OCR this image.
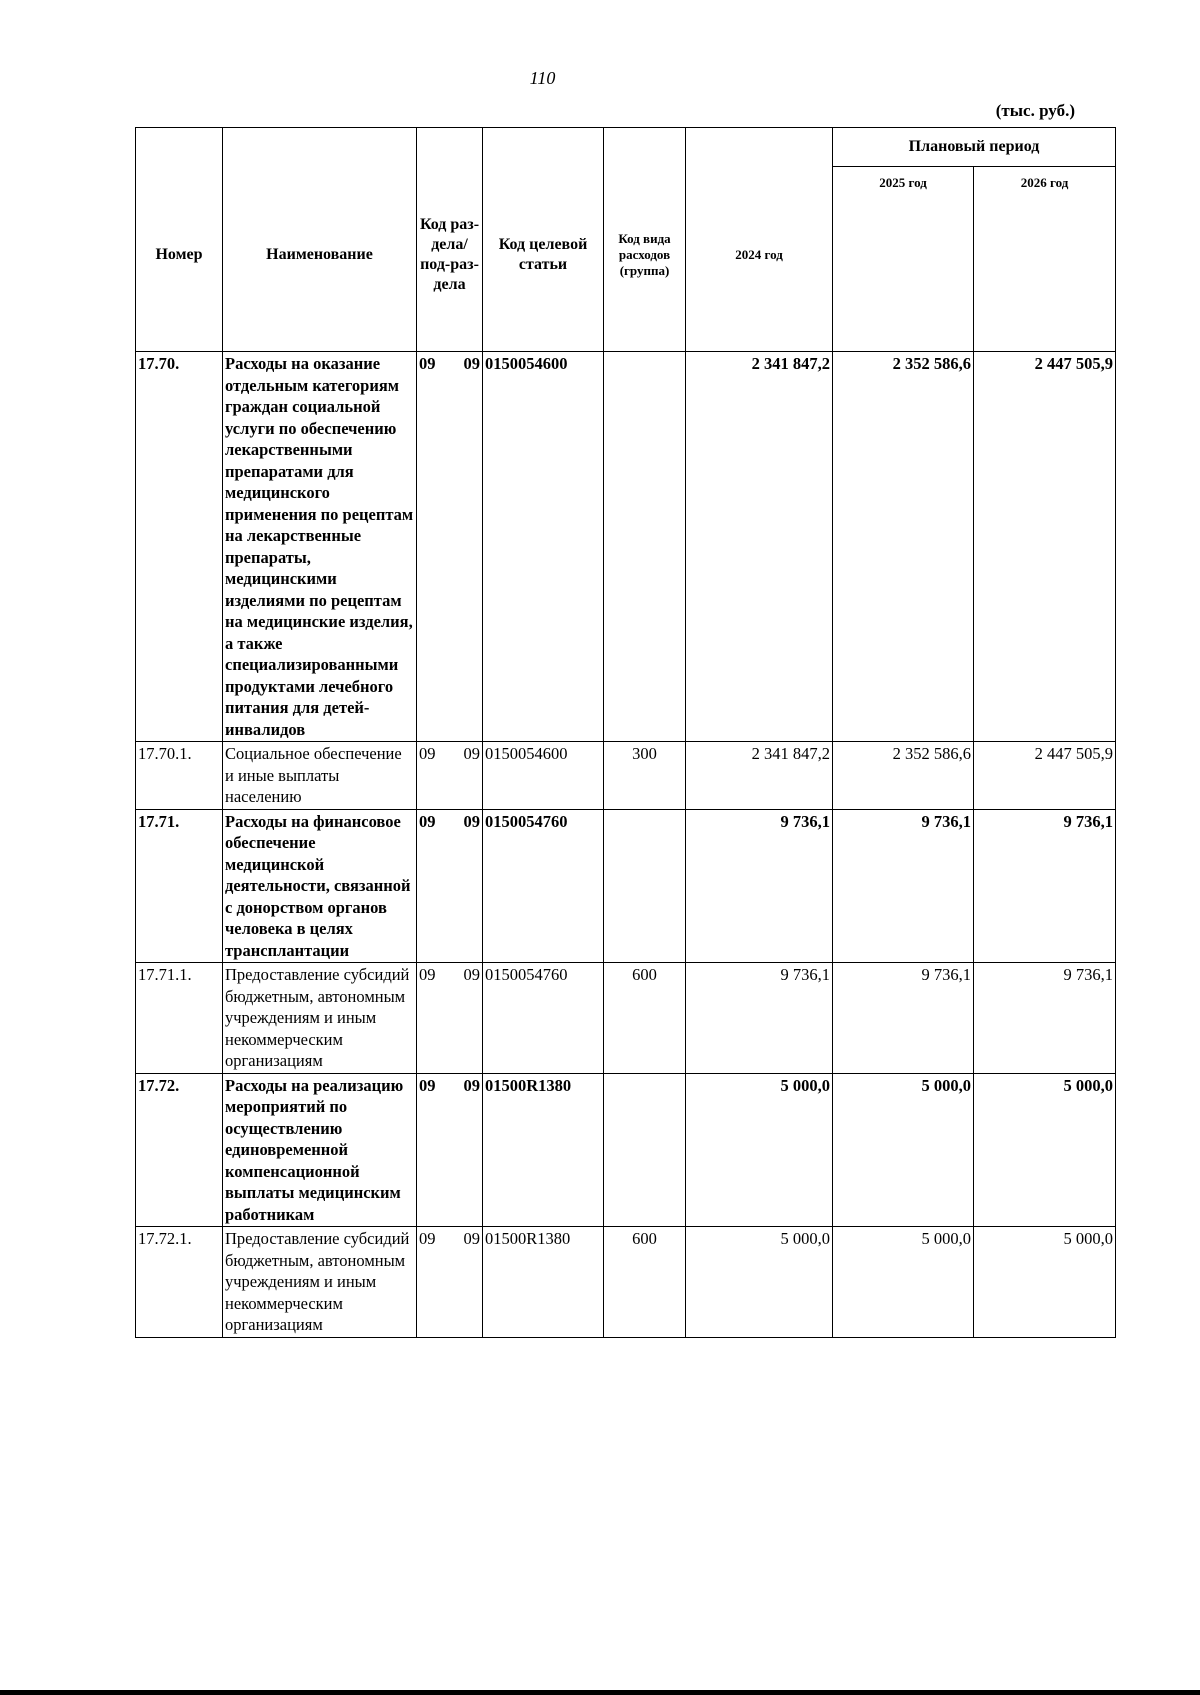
110
(тыс. руб.)
Номер	Наименование	Код раз-дела/ под-раз-дела	Код целевой статьи	Код вида расходов (группа)	2024 год	Плановый период	
						2025 год	2026 год
17.70.	Расходы на оказание отдельным категориям граждан социальной услуги по обеспечению лекарственными препаратами для медицинского применения по рецептам на лекарственные препараты, медицинскими изделиями по рецептам на медицинские изделия, а также специализированными продуктами лечебного питания для детей-инвалидов	09 09	0150054600		2 341 847,2	2 352 586,6	2 447 505,9
17.70.1.	Социальное обеспечение и иные выплаты населению	09 09	0150054600	300	2 341 847,2	2 352 586,6	2 447 505,9
17.71.	Расходы на финансовое обеспечение медицинской деятельности, связанной с донорством органов человека в целях трансплантации	09 09	0150054760		9 736,1	9 736,1	9 736,1
17.71.1.	Предоставление субсидий бюджетным, автономным учреждениям и иным некоммерческим организациям	09 09	0150054760	600	9 736,1	9 736,1	9 736,1
17.72.	Расходы на реализацию мероприятий по осуществлению единовременной компенсационной выплаты медицинским работникам	09 09	01500R1380		5 000,0	5 000,0	5 000,0
17.72.1.	Предоставление субсидий бюджетным, автономным учреждениям и иным некоммерческим организациям	09 09	01500R1380	600	5 000,0	5 000,0	5 000,0
